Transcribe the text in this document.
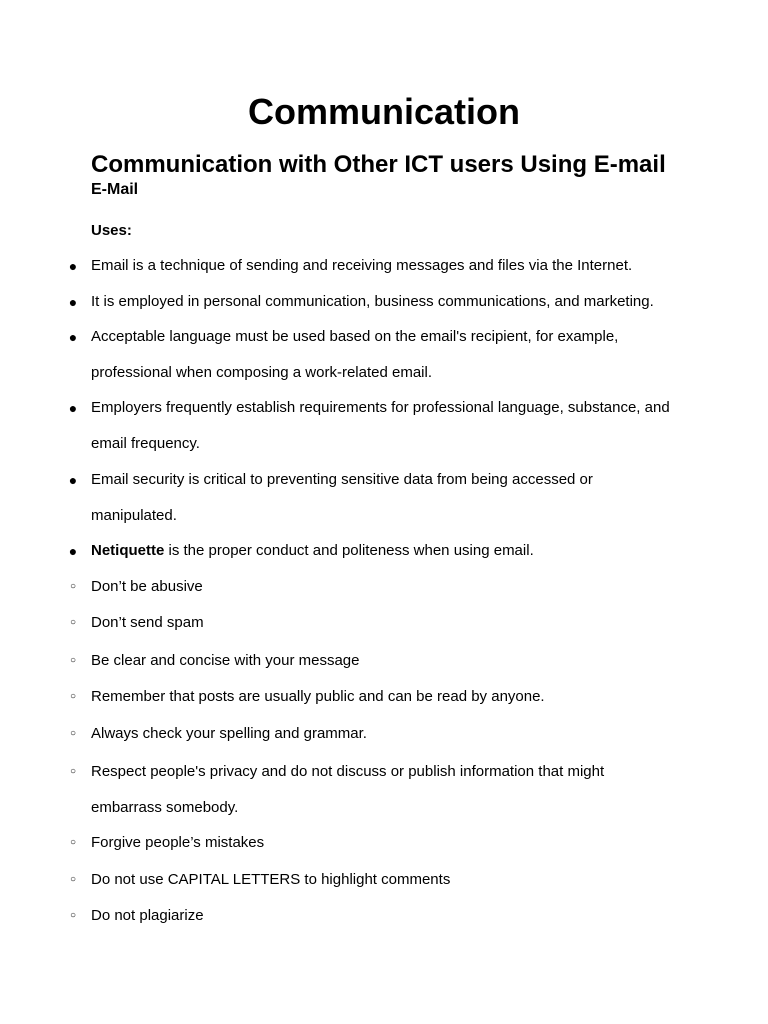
Communication
Communication with Other ICT users Using E-mail
E-Mail

Uses:

● Email is a technique of sending and receiving messages and files via the Internet.
● It is employed in personal communication, business communications, and marketing.
● Acceptable language must be used based on the email's recipient, for example,
professional when composing a work-related email.
● Employers frequently establish requirements for professional language, substance, and
email frequency.
● Email security is critical to preventing sensitive data from being accessed or
manipulated.
● Netiquette is the proper conduct and politeness when using email.
○ Don’t be abusive
○ Don’t send spam
○ Be clear and concise with your message
○ Remember that posts are usually public and can be read by anyone.
○ Always check your spelling and grammar.
○ Respect people's privacy and do not discuss or publish information that might
embarrass somebody.
○ Forgive people’s mistakes
○ Do not use CAPITAL LETTERS to highlight comments
○ Do not plagiarize
